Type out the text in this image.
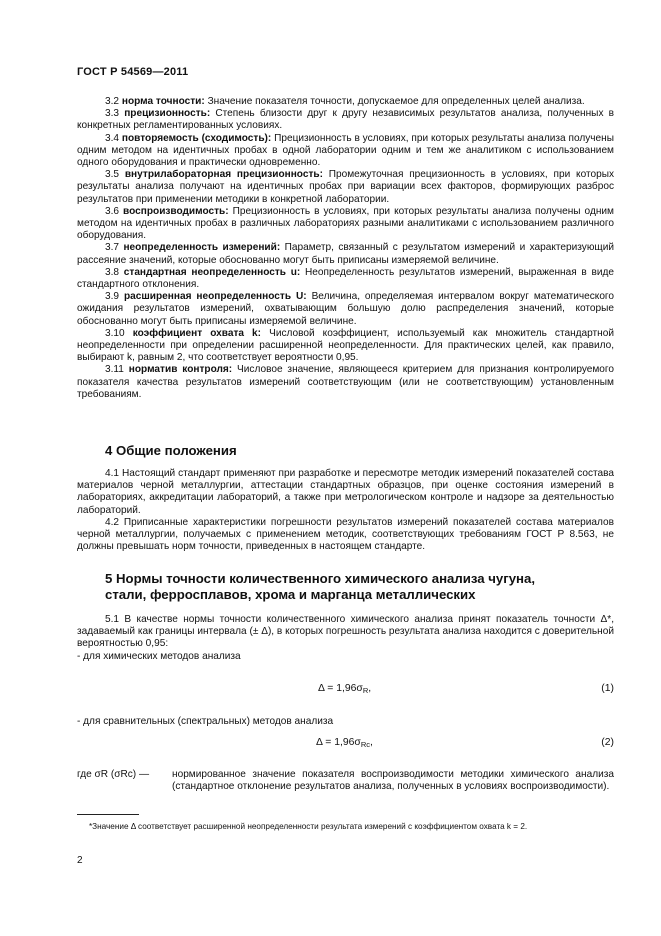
ГОСТ Р 54569—2011

3.2 норма точности: Значение показателя точности, допускаемое для определенных целей анализа.

3.3 прецизионность: Степень близости друг к другу независимых результатов анализа, полученных в конкретных регламентированных условиях.

3.4 повторяемость (сходимость): Прецизионность в условиях, при которых результаты анализа получены одним методом на идентичных пробах в одной лаборатории одним и тем же аналитиком с использованием одного оборудования и практически одновременно.

3.5 внутрилабораторная прецизионность: Промежуточная прецизионность в условиях, при которых результаты анализа получают на идентичных пробах при вариации всех факторов, формирующих разброс результатов при применении методики в конкретной лаборатории.

3.6 воспроизводимость: Прецизионность в условиях, при которых результаты анализа получены одним методом на идентичных пробах в различных лабораториях разными аналитиками с использованием различного оборудования.

3.7 неопределенность измерений: Параметр, связанный с результатом измерений и характеризующий рассеяние значений, которые обоснованно могут быть приписаны измеряемой величине.

3.8 стандартная неопределенность u: Неопределенность результатов измерений, выраженная в виде стандартного отклонения.

3.9 расширенная неопределенность U: Величина, определяемая интервалом вокруг математического ожидания результатов измерений, охватывающим большую долю распределения значений, которые обоснованно могут быть приписаны измеряемой величине.

3.10 коэффициент охвата k: Числовой коэффициент, используемый как множитель стандартной неопределенности при определении расширенной неопределенности. Для практических целей, как правило, выбирают k, равным 2, что соответствует вероятности 0,95.

3.11 норматив контроля: Числовое значение, являющееся критерием для признания контролируемого показателя качества результатов измерений соответствующим (или не соответствующим) установленным требованиям.

4 Общие положения

4.1 Настоящий стандарт применяют при разработке и пересмотре методик измерений показателей состава материалов черной металлургии, аттестации стандартных образцов, при оценке состояния измерений в лабораториях, аккредитации лабораторий, а также при метрологическом контроле и надзоре за деятельностью лабораторий.

4.2 Приписанные характеристики погрешности результатов измерений показателей состава материалов черной металлургии, получаемых с применением методик, соответствующих требованиям ГОСТ Р 8.563, не должны превышать норм точности, приведенных в настоящем стандарте.

5 Нормы точности количественного химического анализа чугуна, стали, ферросплавов, хрома и марганца металлических

5.1 В качестве нормы точности количественного химического анализа принят показатель точности Δ*, задаваемый как границы интервала (± Δ), в которых погрешность результата анализа находится с доверительной вероятностью 0,95:

- для химических методов анализа

$\Delta = 1,96\sigma_R$,	(1)
- для сравнительных (спектральных) методов анализа
$\Delta = 1,96\sigma_{Rc}$,	(2)
где σR (σRc) — нормированное значение показателя воспроизводимости методики химического анализа (стандартное отклонение результатов анализа, полученных в условиях воспроизводимости).
*Значение Δ соответствует расширенной неопределенности результата измерений с коэффициентом охвата k = 2.
2
